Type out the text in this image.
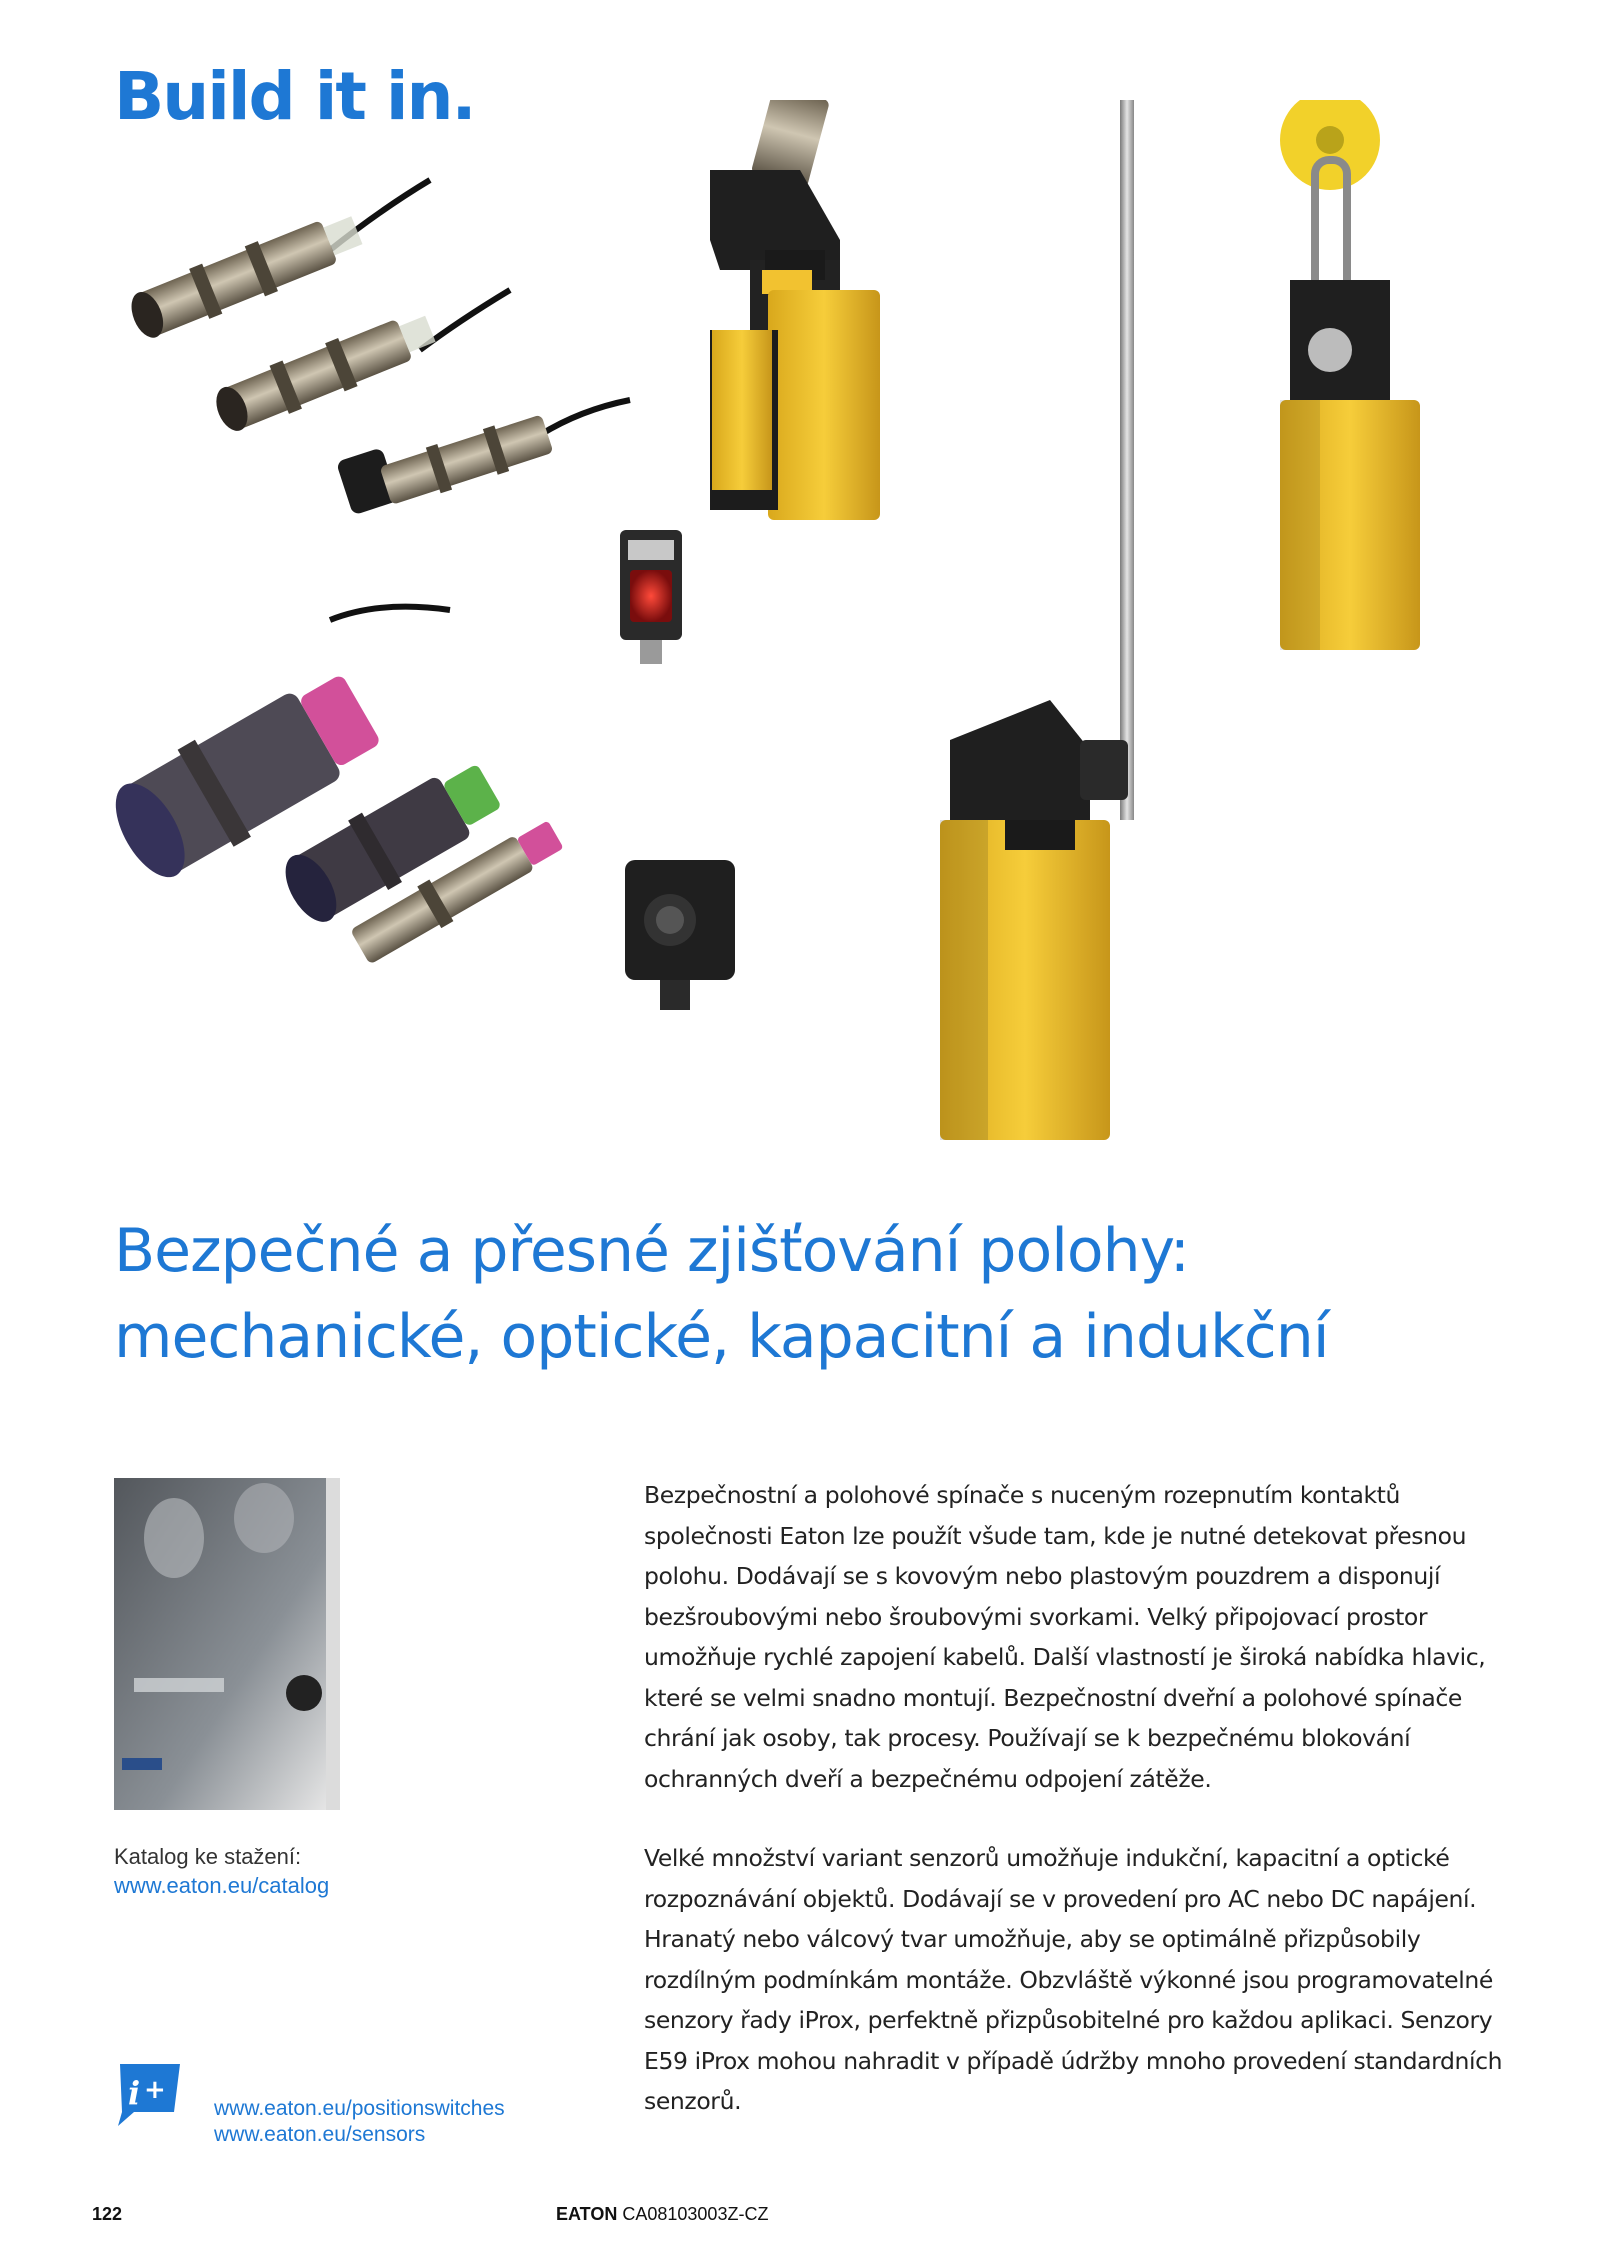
Build it in.
Bezpečné a přesné zjišťování polohy:
mechanické, optické, kapacitní a indukční
Katalog ke stažení:
www.eaton.eu/catalog

Bezpečnostní a polohové spínače s nuceným rozepnutím kontaktů společnosti Eaton lze použít všude tam, kde je nutné detekovat přesnou polohu. Dodávají se s kovovým nebo plastovým pouzdrem a disponují bezšroubovými nebo šroubovými svorkami. Velký připojovací prostor umožňuje rychlé zapojení kabelů. Další vlastností je široká nabídka hlavic, které se velmi snadno montují. Bezpečnostní dveřní a polohové spínače chrání jak osoby, tak procesy. Používají se k bezpečnému blokování ochranných dveří a bezpečnému odpojení zátěže.

Velké množství variant senzorů umožňuje indukční, kapacitní a optické rozpoznávání objektů. Dodávají se v provedení pro AC nebo DC napájení. Hranatý nebo válcový tvar umožňuje, aby se optimálně přizpůsobily rozdílným podmínkám montáže. Obzvláště výkonné jsou programovatelné senzory řady iProx, perfektně přizpůsobitelné pro každou aplikaci. Senzory E59 iProx mohou nahradit v případě údržby mnoho provedení standardních senzorů.

i +
www.eaton.eu/positionswitches
www.eaton.eu/sensors
122	EATON CA08103003Z-CZ
